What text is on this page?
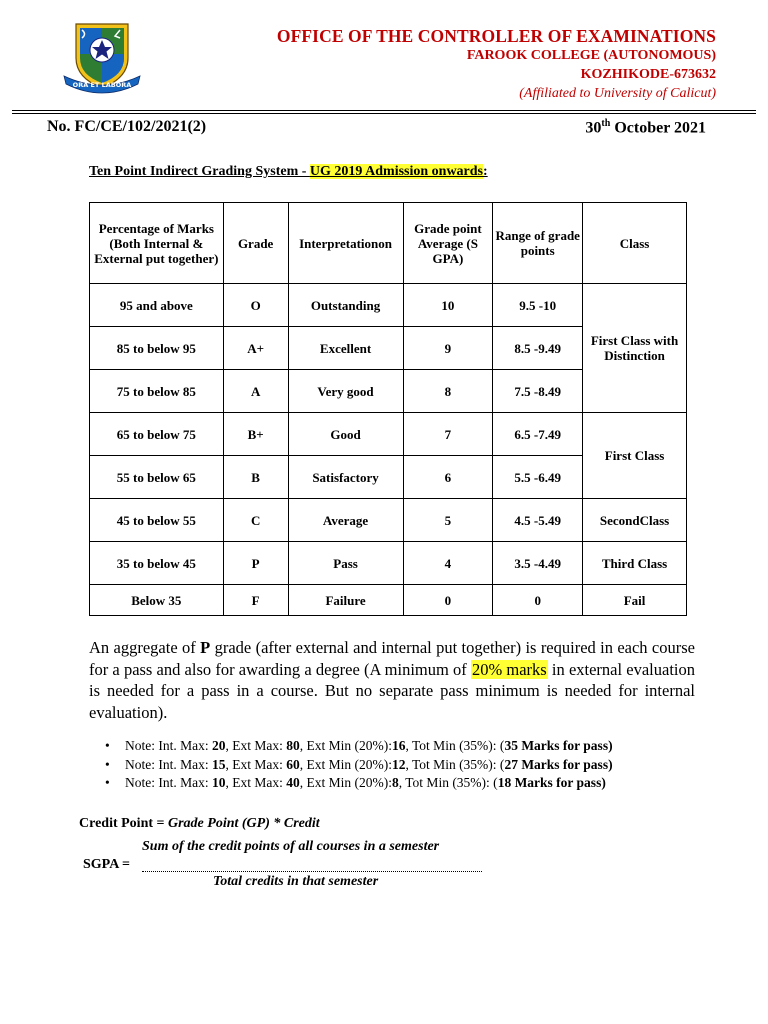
ORA ET LABORA
OFFICE OF THE CONTROLLER OF EXAMINATIONS
FAROOK COLLEGE (AUTONOMOUS)
KOZHIKODE-673632
(Affiliated to University of Calicut)
No. FC/CE/102/2021(2)	30th October 2021
Ten Point Indirect Grading System - UG 2019 Admission onwards:
Percentage of Marks (Both Internal & External put together)	Grade	Interpretationon	Grade point Average (S GPA)	Range of grade points	Class
95 and above	O	Outstanding	10	9.5 -10	First Class with Distinction
85 to below 95	A+	Excellent	9	8.5 -9.49	
75 to below 85	A	Very good	8	7.5 -8.49	
65 to below 75	B+	Good	7	6.5 -7.49	First Class
55 to below 65	B	Satisfactory	6	5.5 -6.49	
45 to below 55	C	Average	5	4.5 -5.49	SecondClass
35 to below 45	P	Pass	4	3.5 -4.49	Third Class
Below 35	F	Failure	0	0	Fail
An aggregate of P grade (after external and internal put together) is required in each course for a pass and also for awarding a degree (A minimum of 20% marks in external evaluation is needed for a pass in a course. But no separate pass minimum is needed for internal evaluation).
• Note: Int. Max: 20, Ext Max: 80, Ext Min (20%):16, Tot Min (35%): (35 Marks for pass)
• Note: Int. Max: 15, Ext Max: 60, Ext Min (20%):12, Tot Min (35%): (27 Marks for pass)
• Note: Int. Max: 10, Ext Max: 40, Ext Min (20%):8, Tot Min (35%): (18 Marks for pass)
Credit Point = Grade Point (GP) * Credit
Sum of the credit points of all courses in a semester
SGPA =
Total credits in that semester
